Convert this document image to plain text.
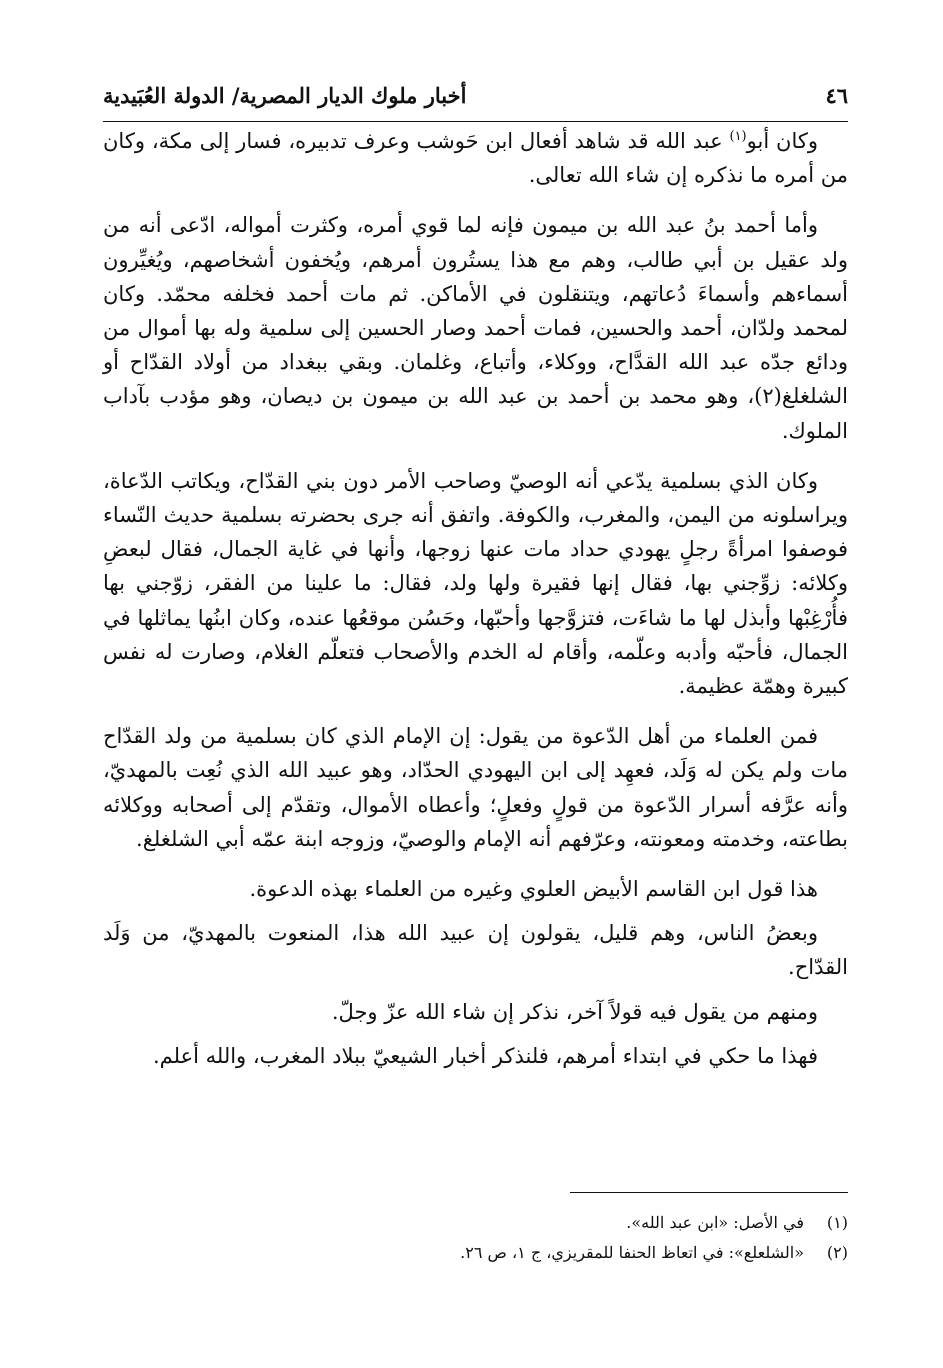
٤٦
أخبار ملوك الديار المصرية/ الدولة العُبَيدية

وكان أبو$^{(١)}$ عبد الله قد شاهد أفعال ابن حَوشب وعرف تدبيره، فسار إلى مكة، وكان من أمره ما نذكره إن شاء الله تعالى.

وأما أحمد بنُ عبد الله بن ميمون فإنه لما قوي أمره، وكثرت أمواله، ادّعى أنه من ولد عقيل بن أبي طالب، وهم مع هذا يستُرون أمرهم، ويُخفون أشخاصهم، ويُغيِّرون أسماءهم وأسماءَ دُعاتهم، ويتنقلون في الأماكن. ثم مات أحمد فخلفه محمّد. وكان لمحمد ولدّان، أحمد والحسين، فمات أحمد وصار الحسين إلى سلمية وله بها أموال من ودائع جدّه عبد الله القدَّاح، ووكلاء، وأتباع، وغلمان. وبقي ببغداد من أولاد القدّاح أو الشلغلغ(٢)، وهو محمد بن أحمد بن عبد الله بن ميمون بن ديصان، وهو مؤدب بآداب الملوك.

وكان الذي بسلمية يدّعي أنه الوصيّ وصاحب الأمر دون بني القدّاح، ويكاتب الدّعاة، ويراسلونه من اليمن، والمغرب، والكوفة. واتفق أنه جرى بحضرته بسلمية حديث النّساء فوصفوا امرأةً رجلٍ يهودي حداد مات عنها زوجها، وأنها في غاية الجمال، فقال لبعضِ وكلائه: زوِّجني بها، فقال إنها فقيرة ولها ولد، فقال: ما علينا من الفقر، زوّجني بها فأُرْغِبْها وأبذل لها ما شاءَت، فتزوَّجها وأحبّها، وحَسُن موقعُها عنده، وكان ابنُها يماثلها في الجمال، فأحبّه وأدبه وعلّمه، وأقام له الخدم والأصحاب فتعلّم الغلام، وصارت له نفس كبيرة وهمّة عظيمة.

فمن العلماء من أهل الدّعوة من يقول: إن الإمام الذي كان بسلمية من ولد القدّاح مات ولم يكن له وَلَد، فعهِد إلى ابن اليهودي الحدّاد، وهو عبيد الله الذي نُعِت بالمهديّ، وأنه عرَّفه أسرار الدّعوة من قولٍ وفعلٍ؛ وأعطاه الأموال، وتقدّم إلى أصحابه ووكلائه بطاعته، وخدمته ومعونته، وعرّفهم أنه الإمام والوصيّ، وزوجه ابنة عمّه أبي الشلغلغ.

هذا قول ابن القاسم الأبيض العلوي وغيره من العلماء بهذه الدعوة.

وبعضُ الناس، وهم قليل، يقولون إن عبيد الله هذا، المنعوت بالمهديّ، من وَلَد القدّاح.

ومنهم من يقول فيه قولاً آخر، نذكر إن شاء الله عزّ وجلّ.

فهذا ما حكي في ابتداء أمرهم، فلنذكر أخبار الشيعيّ ببلاد المغرب، والله أعلم.

(١)
في الأصل: «ابن عبد الله».
(٢)
«الشلعلع»: في اتعاظ الحنفا للمقريزي، ج ١، ص ٢٦.
